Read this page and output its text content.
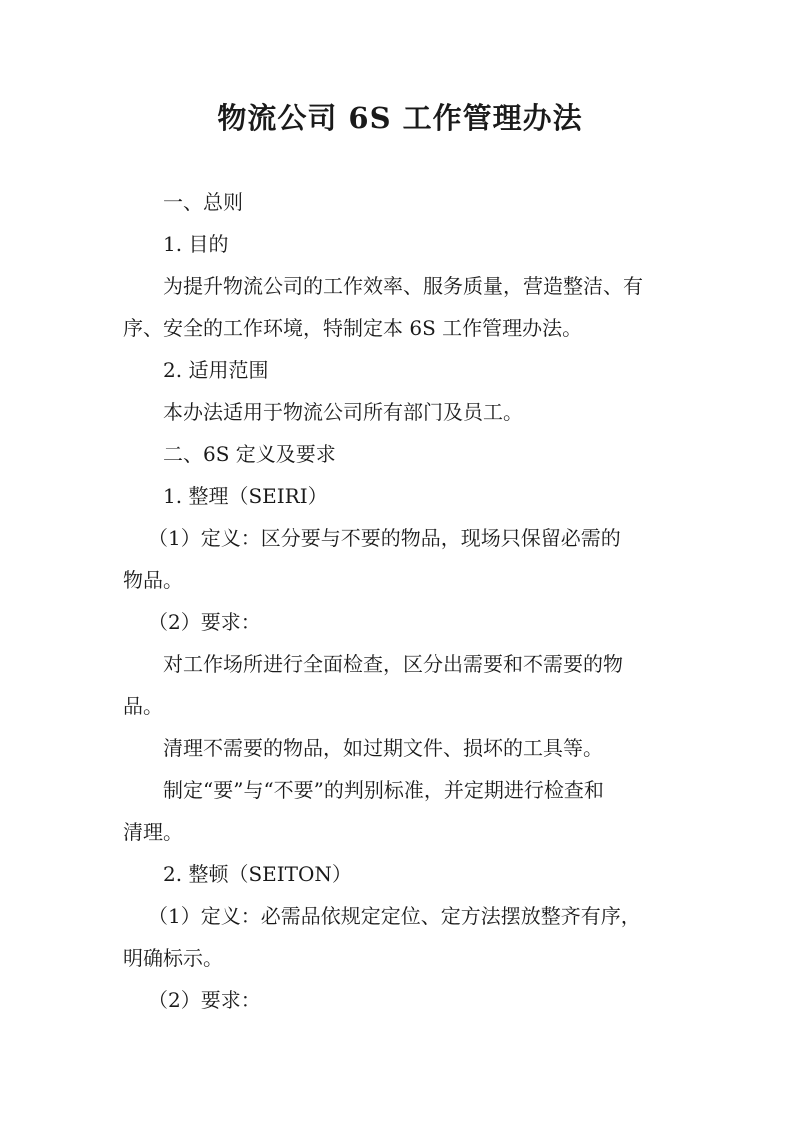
物流公司 6S 工作管理办法
一、总则
1. 目的
为提升物流公司的工作效率、服务质量，营造整洁、有
序、安全的工作环境，特制定本 6S 工作管理办法。
2. 适用范围
本办法适用于物流公司所有部门及员工。
二、6S 定义及要求
1. 整理（SEIRI）
（1）定义：区分要与不要的物品，现场只保留必需的
物品。
（2）要求：
对工作场所进行全面检查，区分出需要和不需要的物
品。
清理不需要的物品，如过期文件、损坏的工具等。
制定“要”与“不要”的判别标准，并定期进行检查和
清理。
2. 整顿（SEITON）
（1）定义：必需品依规定定位、定方法摆放整齐有序，
明确标示。
（2）要求：
